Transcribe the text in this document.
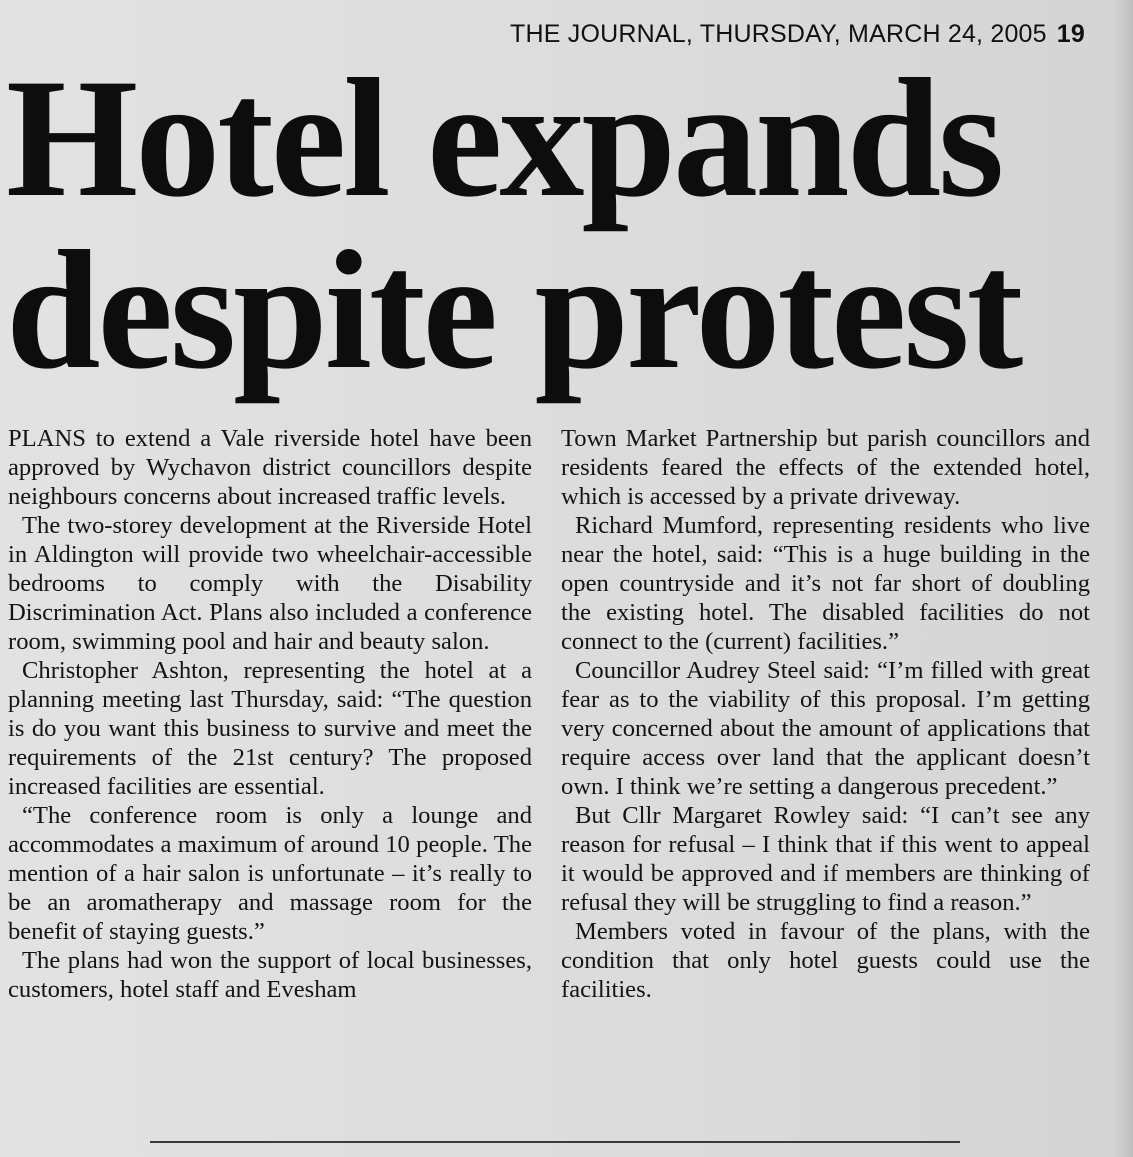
THE JOURNAL, THURSDAY, MARCH 24, 2005 19
Hotel expands
despite protest

PLANS to extend a Vale riverside hotel have been approved by Wychavon district councillors despite neighbours concerns about increased traffic levels.

The two-storey development at the Riverside Hotel in Aldington will provide two wheelchair-accessible bedrooms to comply with the Disability Discrimination Act. Plans also included a conference room, swimming pool and hair and beauty salon.

Christopher Ashton, representing the hotel at a planning meeting last Thursday, said: “The question is do you want this business to survive and meet the requirements of the 21st century? The proposed increased facilities are essential.

“The conference room is only a lounge and accommodates a maximum of around 10 people. The mention of a hair salon is unfortunate – it’s really to be an aromatherapy and massage room for the benefit of staying guests.”

The plans had won the support of local businesses, customers, hotel staff and Evesham

Town Market Partnership but parish councillors and residents feared the effects of the extended hotel, which is accessed by a private driveway.

Richard Mumford, representing residents who live near the hotel, said: “This is a huge building in the open countryside and it’s not far short of doubling the existing hotel. The disabled facilities do not connect to the (current) facilities.”

Councillor Audrey Steel said: “I’m filled with great fear as to the viability of this proposal. I’m getting very concerned about the amount of applications that require access over land that the applicant doesn’t own. I think we’re setting a dangerous precedent.”

But Cllr Margaret Rowley said: “I can’t see any reason for refusal – I think that if this went to appeal it would be approved and if members are thinking of refusal they will be struggling to find a reason.”

Members voted in favour of the plans, with the condition that only hotel guests could use the facilities.
